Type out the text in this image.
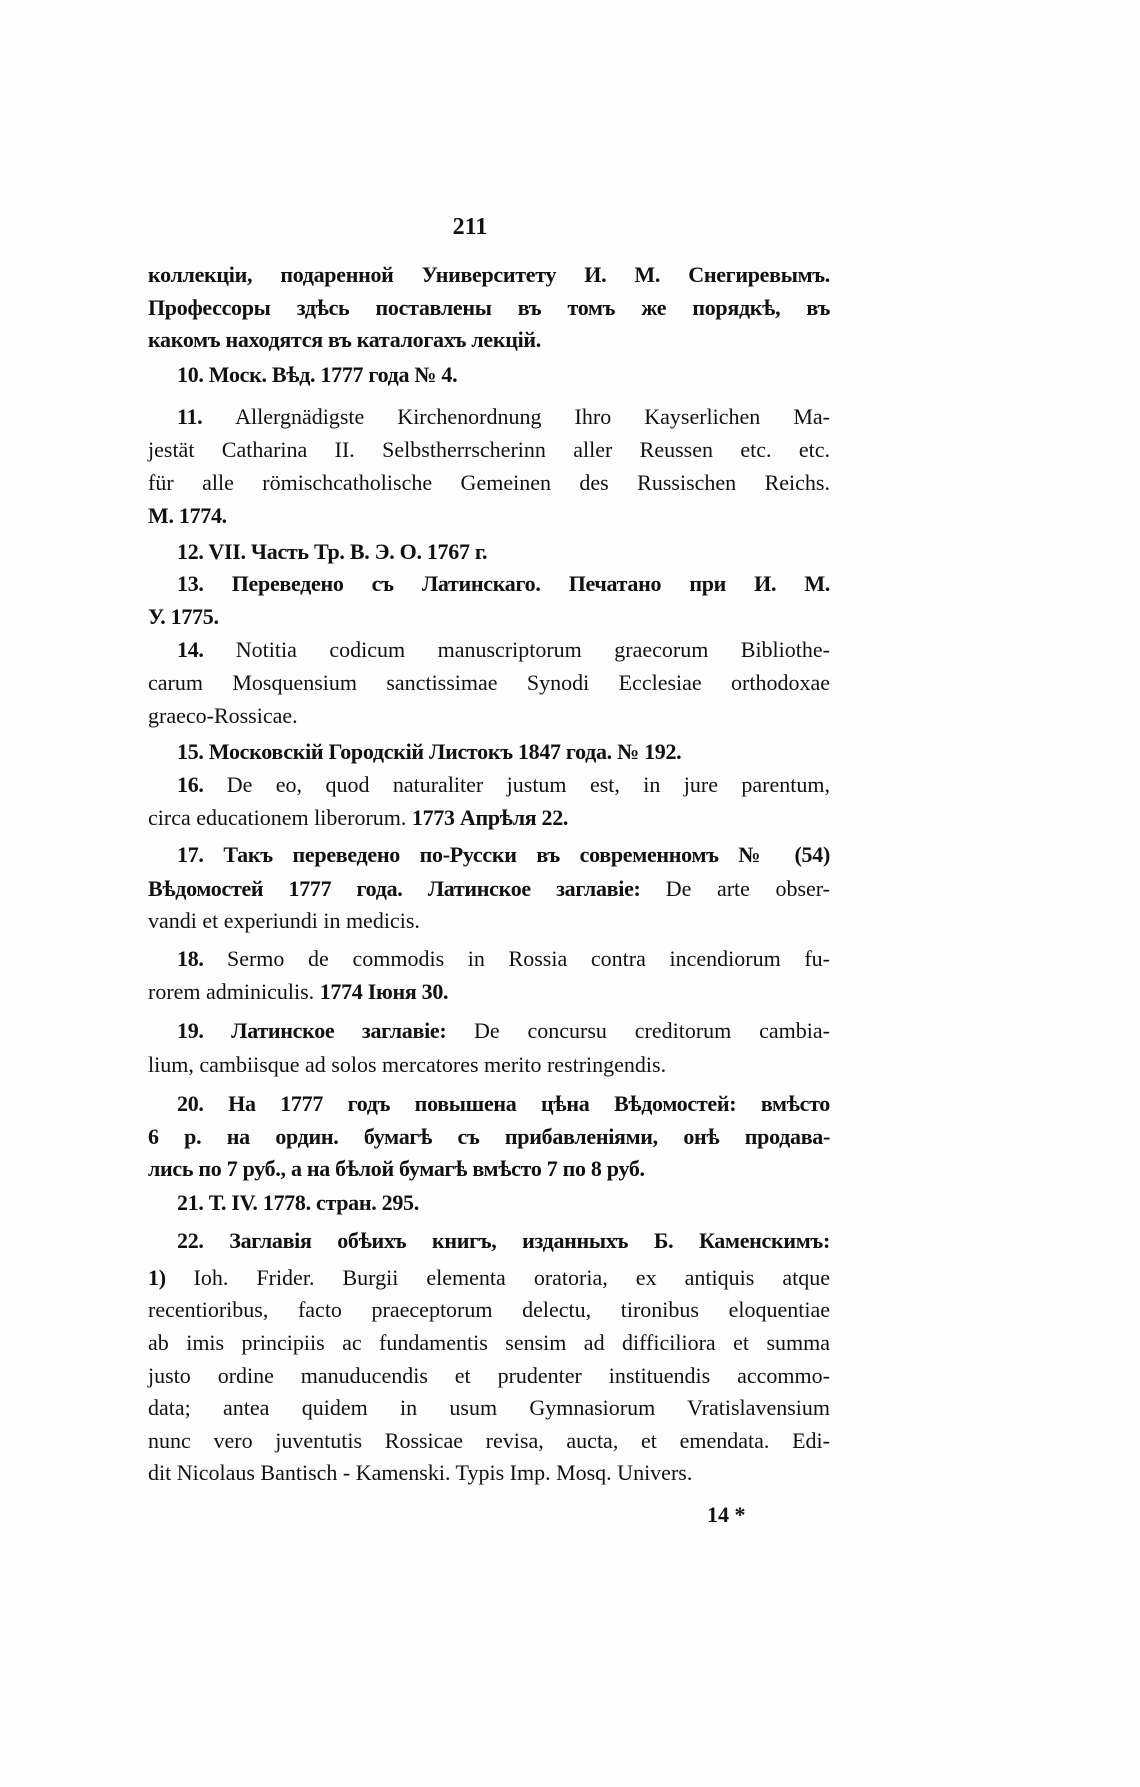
211
коллекціи, подаренной Университету И. М. Снегиревымъ.
Профессоры здѣсь поставлены въ томъ же порядкѣ, въ
какомъ находятся въ каталогахъ лекцій.
10. Моск. Вѣд. 1777 года № 4.
11. Allergnädigste Kirchenordnung Ihro Kayserlichen Ma-
jestät Catharina II. Selbstherrscherinn aller Reussen etc. etc.
für alle römischcatholische Gemeinen des Russischen Reichs.
M. 1774.
12. VII. Часть Тр. В. Э. О. 1767 г.
13. Переведено съ Латинскаго. Печатано при И. М.
У. 1775.
14. Notitia codicum manuscriptorum graecorum Bibliothe-
carum Mosquensium sanctissimae Synodi Ecclesiae orthodoxae
graeco-Rossicae.
15. Московскій Городскій Листокъ 1847 года. № 192.
16. De eo, quod naturaliter justum est, in jure parentum,
circa educationem liberorum. 1773 Апрѣля 22.
17. Такъ переведено по-Русски въ современномъ № (54)
Вѣдомостей 1777 года. Латинское заглавіе: De arte obser-
vandi et experiundi in medicis.
18. Sermo de commodis in Rossia contra incendiorum fu-
rorem adminiculis. 1774 Іюня 30.
19. Латинское заглавіе: De concursu creditorum cambia-
lium, cambiisque ad solos mercatores merito restringendis.
20. На 1777 годъ повышена цѣна Вѣдомостей: вмѣсто
6 р. на ордин. бумагѣ съ прибавленіями, онѣ продава-
лись по 7 руб., а на бѣлой бумагѣ вмѣсто 7 по 8 руб.
21. Т. IV. 1778. стран. 295.
22. Заглавія обѣихъ книгъ, изданныхъ Б. Каменскимъ:
1) Ioh. Frider. Burgii elementa oratoria, ex antiquis atque
recentioribus, facto praeceptorum delectu, tironibus eloquentiae
ab imis principiis ac fundamentis sensim ad difficiliora et summa
justo ordine manuducendis et prudenter instituendis accommo-
data; antea quidem in usum Gymnasiorum Vratislavensium
nunc vero juventutis Rossicae revisa, aucta, et emendata. Edi-
dit Nicolaus Bantisch - Kamenski. Typis Imp. Mosq. Univers.
14 *
